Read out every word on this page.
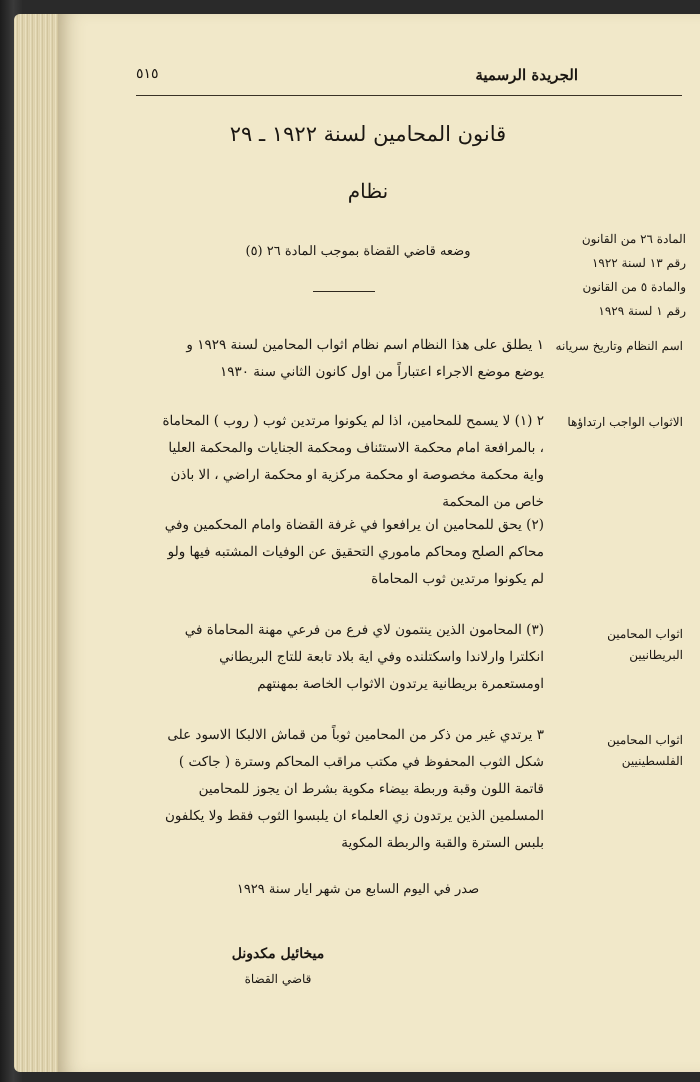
الجريدة الرسمية
٥١٥
قانون المحامين لسنة ١٩٢٢ ـ ٢٩
نظام
المادة ٢٦ من القانون
رقم ١٣ لسنة ١٩٢٢
والمادة ٥ من القانون
رقم ١ لسنة ١٩٢٩
وضعه قاضي القضاة بموجب المادة ٢٦ (٥)
اسم النظام وتاريخ سريانه
١ يطلق على هذا النظام اسم نظام اثواب المحامين لسنة ١٩٢٩ و يوضع موضع الاجراء اعتباراً من اول كانون الثاني سنة ١٩٣٠
الاثواب الواجب ارتداؤها
٢ (١) لا يسمح للمحامين، اذا لم يكونوا مرتدين ثوب ( روب ) المحاماة ، بالمرافعة امام محكمة الاستئناف ومحكمة الجنايات والمحكمة العليا واية محكمة مخصوصة او محكمة مركزية او محكمة اراضي ، الا باذن خاص من المحكمة
(٢) يحق للمحامين ان يرافعوا في غرفة القضاة وامام المحكمين وفي محاكم الصلح ومحاكم ماموري التحقيق عن الوفيات المشتبه فيها ولو لم يكونوا مرتدين ثوب المحاماة
اثواب المحامين البريطانيين
(٣) المحامون الذين ينتمون لاي فرع من فرعي مهنة المحاماة في انكلترا وارلاندا واسكتلنده وفي اية بلاد تابعة للتاج البريطاني اومستعمرة بريطانية يرتدون الاثواب الخاصة بمهنتهم
اثواب المحامين الفلسطينيين
٣ يرتدي غير من ذكر من المحامين ثوباً من قماش الالبكا الاسود على شكل الثوب المحفوظ في مكتب مراقب المحاكم وسترة ( جاكت ) قاتمة اللون وقبة وربطة بيضاء مكوية بشرط ان يجوز للمحامين المسلمين الذين يرتدون زي العلماء ان يلبسوا الثوب فقط ولا يكلفون بلبس السترة والقبة والربطة المكوية
صدر في اليوم السابع من شهر ايار سنة ١٩٢٩
ميخائيل مكدونل
قاضي القضاة
